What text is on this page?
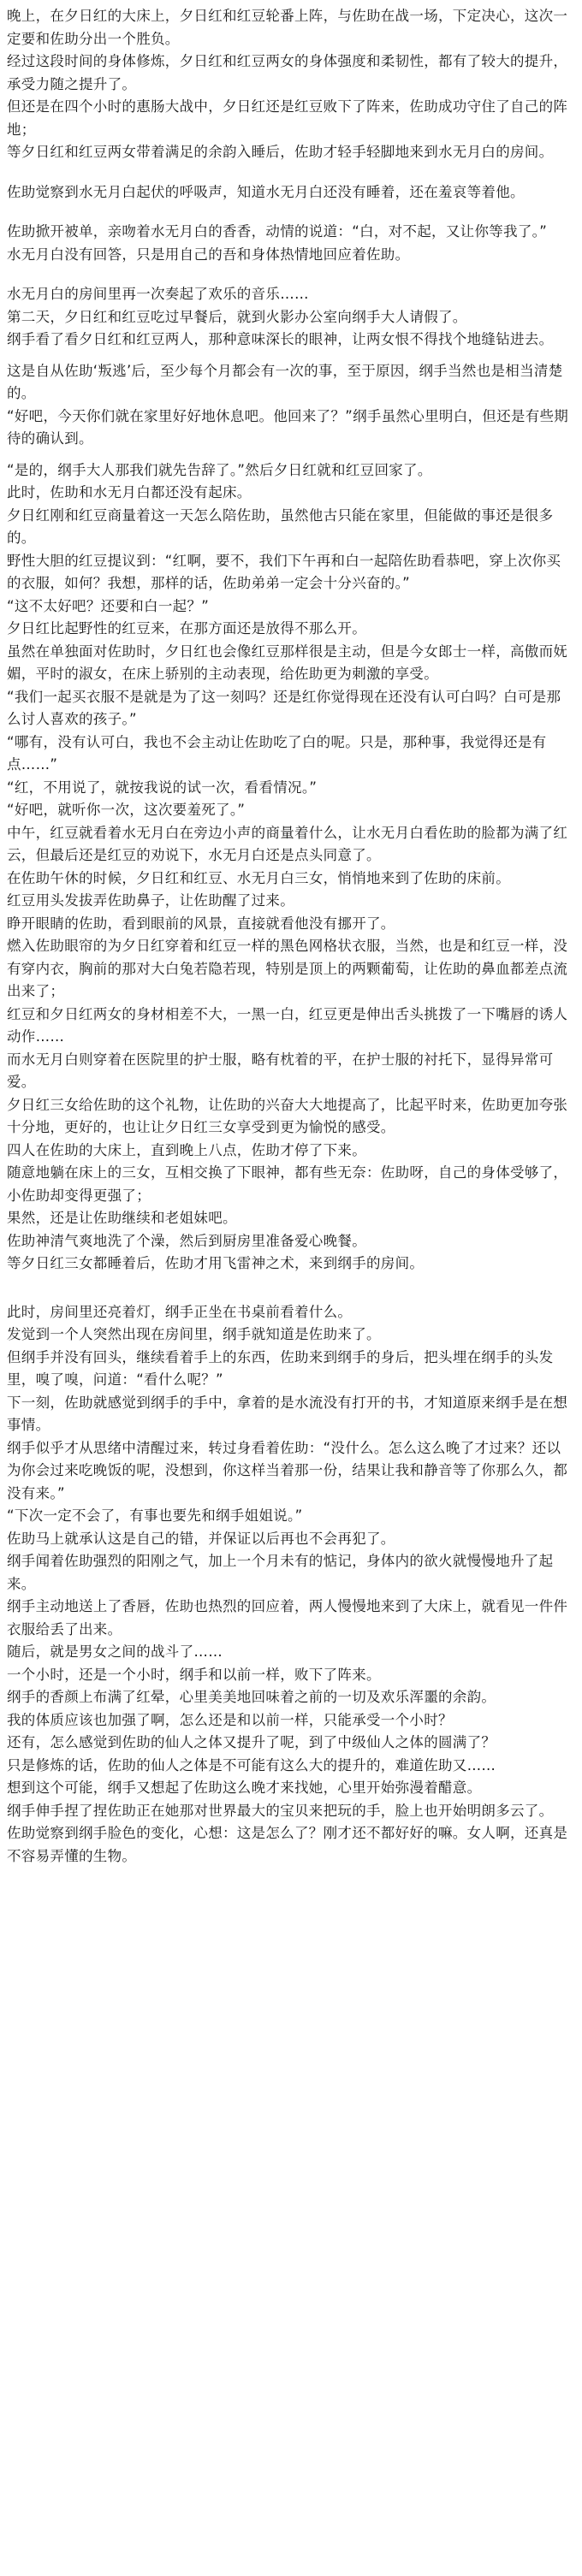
晚上，在夕日红的大床上，夕日红和红豆轮番上阵，与佐助在战一场，下定决心，这次一定要和佐助分出一个胜负。

经过这段时间的身体修炼，夕日红和红豆两女的身体强度和柔韧性，都有了较大的提升，承受力随之提升了。

但还是在四个小时的惠肠大战中，夕日红还是红豆败下了阵来，佐助成功守住了自己的阵地；

等夕日红和红豆两女带着满足的余韵入睡后，佐助才轻手轻脚地来到水无月白的房间。

佐助觉察到水无月白起伏的呼吸声，知道水无月白还没有睡着，还在羞哀等着他。

佐助掀开被单，亲吻着水无月白的香香，动情的说道：“白，对不起，又让你等我了。”

水无月白没有回答，只是用自己的吾和身体热情地回应着佐助。

水无月白的房间里再一次奏起了欢乐的音乐……

第二天，夕日红和红豆吃过早餐后，就到火影办公室向纲手大人请假了。

纲手看了看夕日红和红豆两人，那种意味深长的眼神，让两女恨不得找个地缝钻进去。

这是自从佐助‘叛逃’后，至少每个月都会有一次的事，至于原因，纲手当然也是相当清楚的。

“好吧，今天你们就在家里好好地休息吧。他回来了？”纲手虽然心里明白，但还是有些期待的确认到。

“是的，纲手大人那我们就先告辞了。”然后夕日红就和红豆回家了。

此时，佐助和水无月白都还没有起床。

夕日红刚和红豆商量着这一天怎么陪佐助，虽然他古只能在家里，但能做的事还是很多的。

野性大胆的红豆提议到：“红啊，要不，我们下午再和白一起陪佐助看恭吧，穿上次你买的衣服，如何？我想，那样的话，佐助弟弟一定会十分兴奋的。”

“这不太好吧？还要和白一起？”

夕日红比起野性的红豆来，在那方面还是放得不那么开。

虽然在单独面对佐助时，夕日红也会像红豆那样很是主动，但是今女郎士一样，高傲而妩媚，平时的淑女，在床上骄别的主动表现，给佐助更为刺激的享受。

“我们一起买衣服不是就是为了这一刻吗？还是红你觉得现在还没有认可白吗？白可是那么讨人喜欢的孩子。”

“哪有，没有认可白，我也不会主动让佐助吃了白的呢。只是，那种事，我觉得还是有点……”

“红，不用说了，就按我说的试一次，看看情况。”

“好吧，就听你一次，这次要羞死了。”

中午，红豆就看着水无月白在旁边小声的商量着什么，让水无月白看佐助的脸都为满了红云，但最后还是红豆的劝说下，水无月白还是点头同意了。

在佐助午休的时候，夕日红和红豆、水无月白三女，悄悄地来到了佐助的床前。

红豆用头发拔弄佐助鼻子，让佐助醒了过来。

睁开眼睛的佐助，看到眼前的风景，直接就看他没有挪开了。

燃入佐助眼帘的为夕日红穿着和红豆一样的黑色网格状衣服，当然，也是和红豆一样，没有穿内衣，胸前的那对大白兔若隐若现，特别是顶上的两颗葡萄，让佐助的鼻血都差点流出来了；

红豆和夕日红两女的身材相差不大，一黑一白，红豆更是伸出舌头挑拨了一下嘴唇的诱人动作……

而水无月白则穿着在医院里的护士服，略有枕着的平，在护士服的衬托下，显得异常可爱。

夕日红三女给佐助的这个礼物，让佐助的兴奋大大地提高了，比起平时来，佐助更加夸张十分地，更好的，也让让夕日红三女享受到更为愉悦的感受。

四人在佐助的大床上，直到晚上八点，佐助才停了下来。

随意地躺在床上的三女，互相交换了下眼神，都有些无奈：佐助呀，自己的身体受够了，小佐助却变得更强了；

果然，还是让佐助继续和老姐妹吧。

佐助神清气爽地洗了个澡，然后到厨房里准备爱心晚餐。

等夕日红三女都睡着后，佐助才用飞雷神之术，来到纲手的房间。

此时，房间里还亮着灯，纲手正坐在书桌前看着什么。

发觉到一个人突然出现在房间里，纲手就知道是佐助来了。

但纲手并没有回头，继续看着手上的东西，佐助来到纲手的身后，把头埋在纲手的头发里，嗅了嗅，问道：“看什么呢？”

下一刻，佐助就感觉到纲手的手中，拿着的是水流没有打开的书，才知道原来纲手是在想事情。

纲手似乎才从思绪中清醒过来，转过身看着佐助：“没什么。怎么这么晚了才过来？还以为你会过来吃晚饭的呢，没想到，你这样当着那一份，结果让我和静音等了你那么久，都没有来。”

“下次一定不会了，有事也要先和纲手姐姐说。”

佐助马上就承认这是自己的错，并保证以后再也不会再犯了。

纲手闻着佐助强烈的阳刚之气，加上一个月未有的惦记，身体内的欲火就慢慢地升了起来。

纲手主动地送上了香唇，佐助也热烈的回应着，两人慢慢地来到了大床上，就看见一件件衣服给丢了出来。

随后，就是男女之间的战斗了……

一个小时，还是一个小时，纲手和以前一样，败下了阵来。

纲手的香颜上布满了红晕，心里美美地回味着之前的一切及欢乐浑噩的余韵。

我的体质应该也加强了啊，怎么还是和以前一样，只能承受一个小时？

还有，怎么感觉到佐助的仙人之体又提升了呢，到了中级仙人之体的圆满了？

只是修炼的话，佐助的仙人之体是不可能有这么大的提升的，难道佐助又……

想到这个可能，纲手又想起了佐助这么晚才来找她，心里开始弥漫着醋意。

纲手伸手捏了捏佐助正在她那对世界最大的宝贝来把玩的手，脸上也开始明朗多云了。

佐助觉察到纲手脸色的变化，心想：这是怎么了？刚才还不都好好的嘛。女人啊，还真是不容易弄懂的生物。
